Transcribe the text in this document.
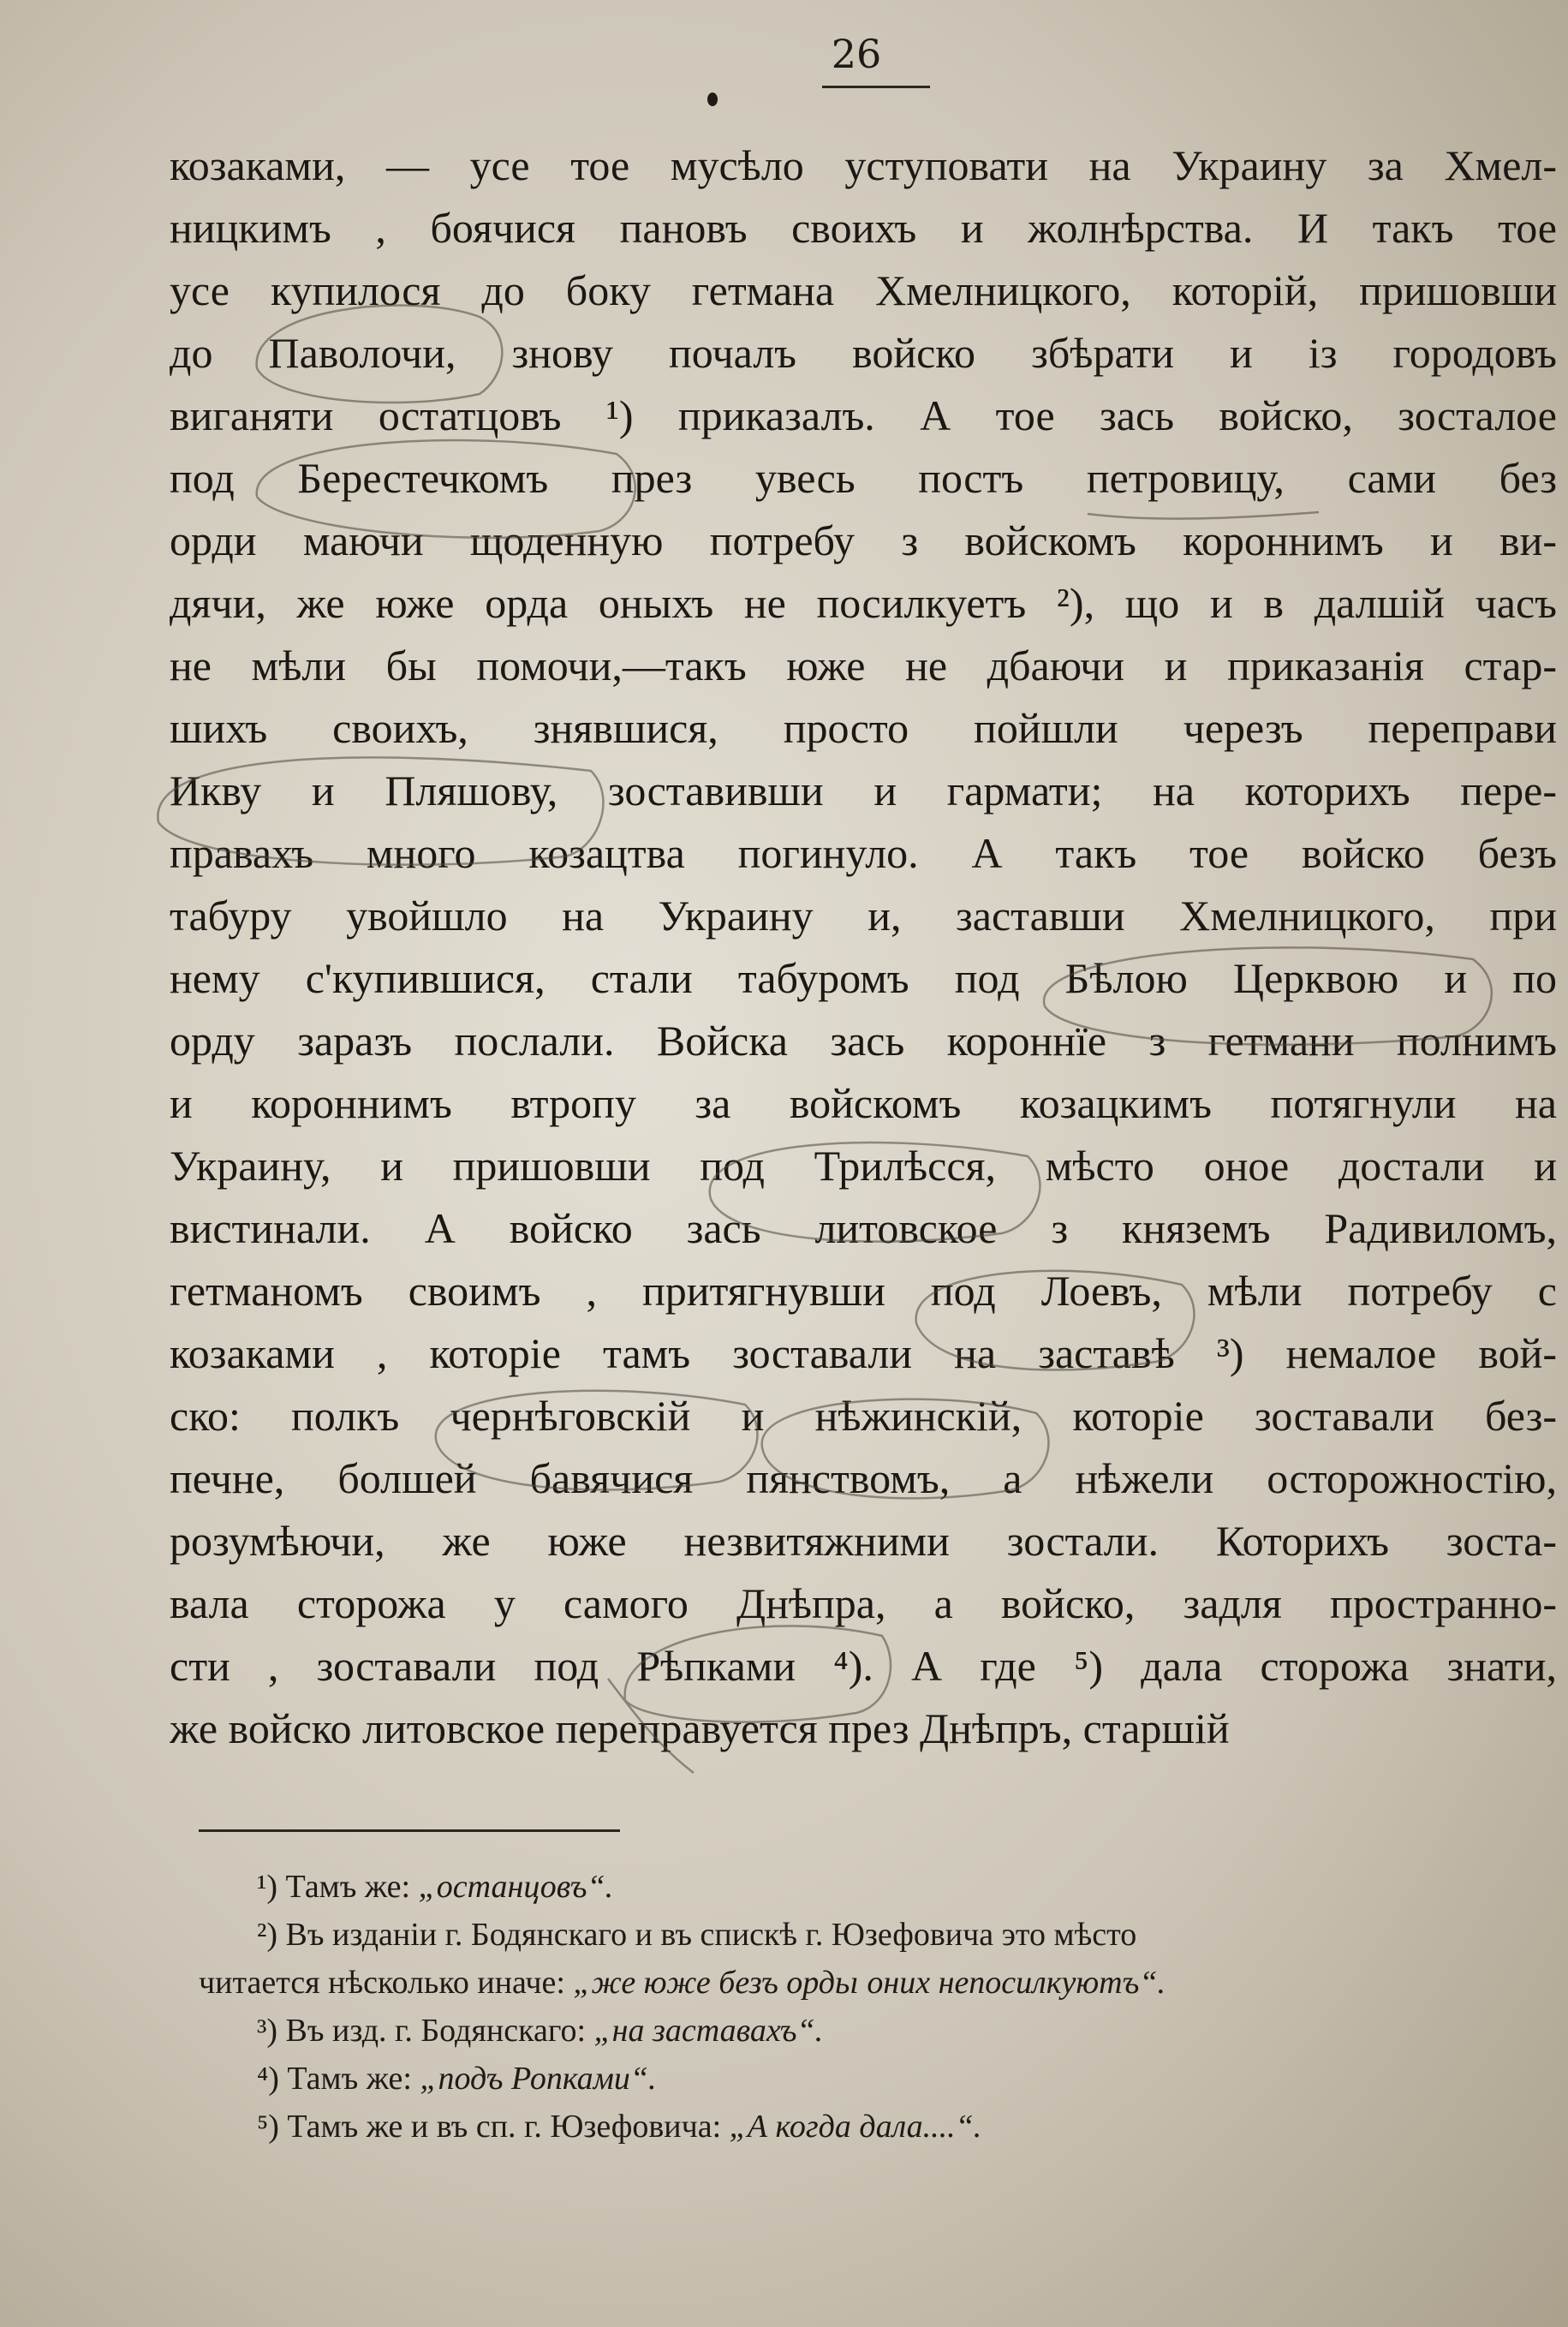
26
козаками, — усе тое мусѣло уступовати на Украину за Хмел-
ницкимъ , боячися пановъ своихъ и жолнѣрства. И такъ тое
усе купилося до боку гетмана Хмелницкого, которій, пришовши
до Паволочи, знову почалъ войско збѣрати и із городовъ
виганяти остатцовъ ¹) приказалъ. А тое зась войско, зосталое
под Берестечкомъ през увесь постъ петровицу, сами без
орди маючи щоденную потребу з войскомъ короннимъ и ви-
дячи, же юже орда оныхъ не посилкуетъ ²), що и в далшій часъ
не мѣли бы помочи,—такъ юже не дбаючи и приказанія стар-
шихъ своихъ, знявшися, просто пойшли черезъ переправи
Икву и Пляшову, зоставивши и гармати; на которихъ пере-
правахъ много козацтва погинуло. А такъ тое войско безъ
табуру увойшло на Украину и, заставши Хмелницкого, при
нему с'купившися, стали табуромъ под Бѣлою Церквою и по
орду заразъ послали. Войска зась короннїе з гетмани полнимъ
и короннимъ втропу за войскомъ козацкимъ потягнули на
Украину, и пришовши под Трилѣсся, мѣсто оное достали и
вистинали. А войско зась литовское з княземъ Радивиломъ,
гетманомъ своимъ , притягнувши под Лоевъ, мѣли потребу с
козаками , которіе тамъ зоставали на заставѣ ³) немалое вой-
ско: полкъ чернѣговскій и нѣжинскій, которіе зоставали без-
печне, болшей бавячися пянствомъ, а нѣжели осторожностію,
розумѣючи, же юже незвитяжними зостали. Которихъ зоста-
вала сторожа у самого Днѣпра, а войско, задля пространно-
сти , зоставали под Рѣпками ⁴). А где ⁵) дала сторожа знати,
же войско литовское переправуется през Днѣпръ, старшій
¹) Тамъ же: „останцовъ“.
²) Въ изданіи г. Бодянскаго и въ спискѣ г. Юзефовича это мѣсто
читается нѣсколько иначе: „же юже безъ ордьı оних непосилкуютъ“.
³) Въ изд. г. Бодянскаго: „на заставахъ“.
⁴) Тамъ же: „подъ Ропками“.
⁵) Тамъ же и въ сп. г. Юзефовича: „А когда дала....“.
